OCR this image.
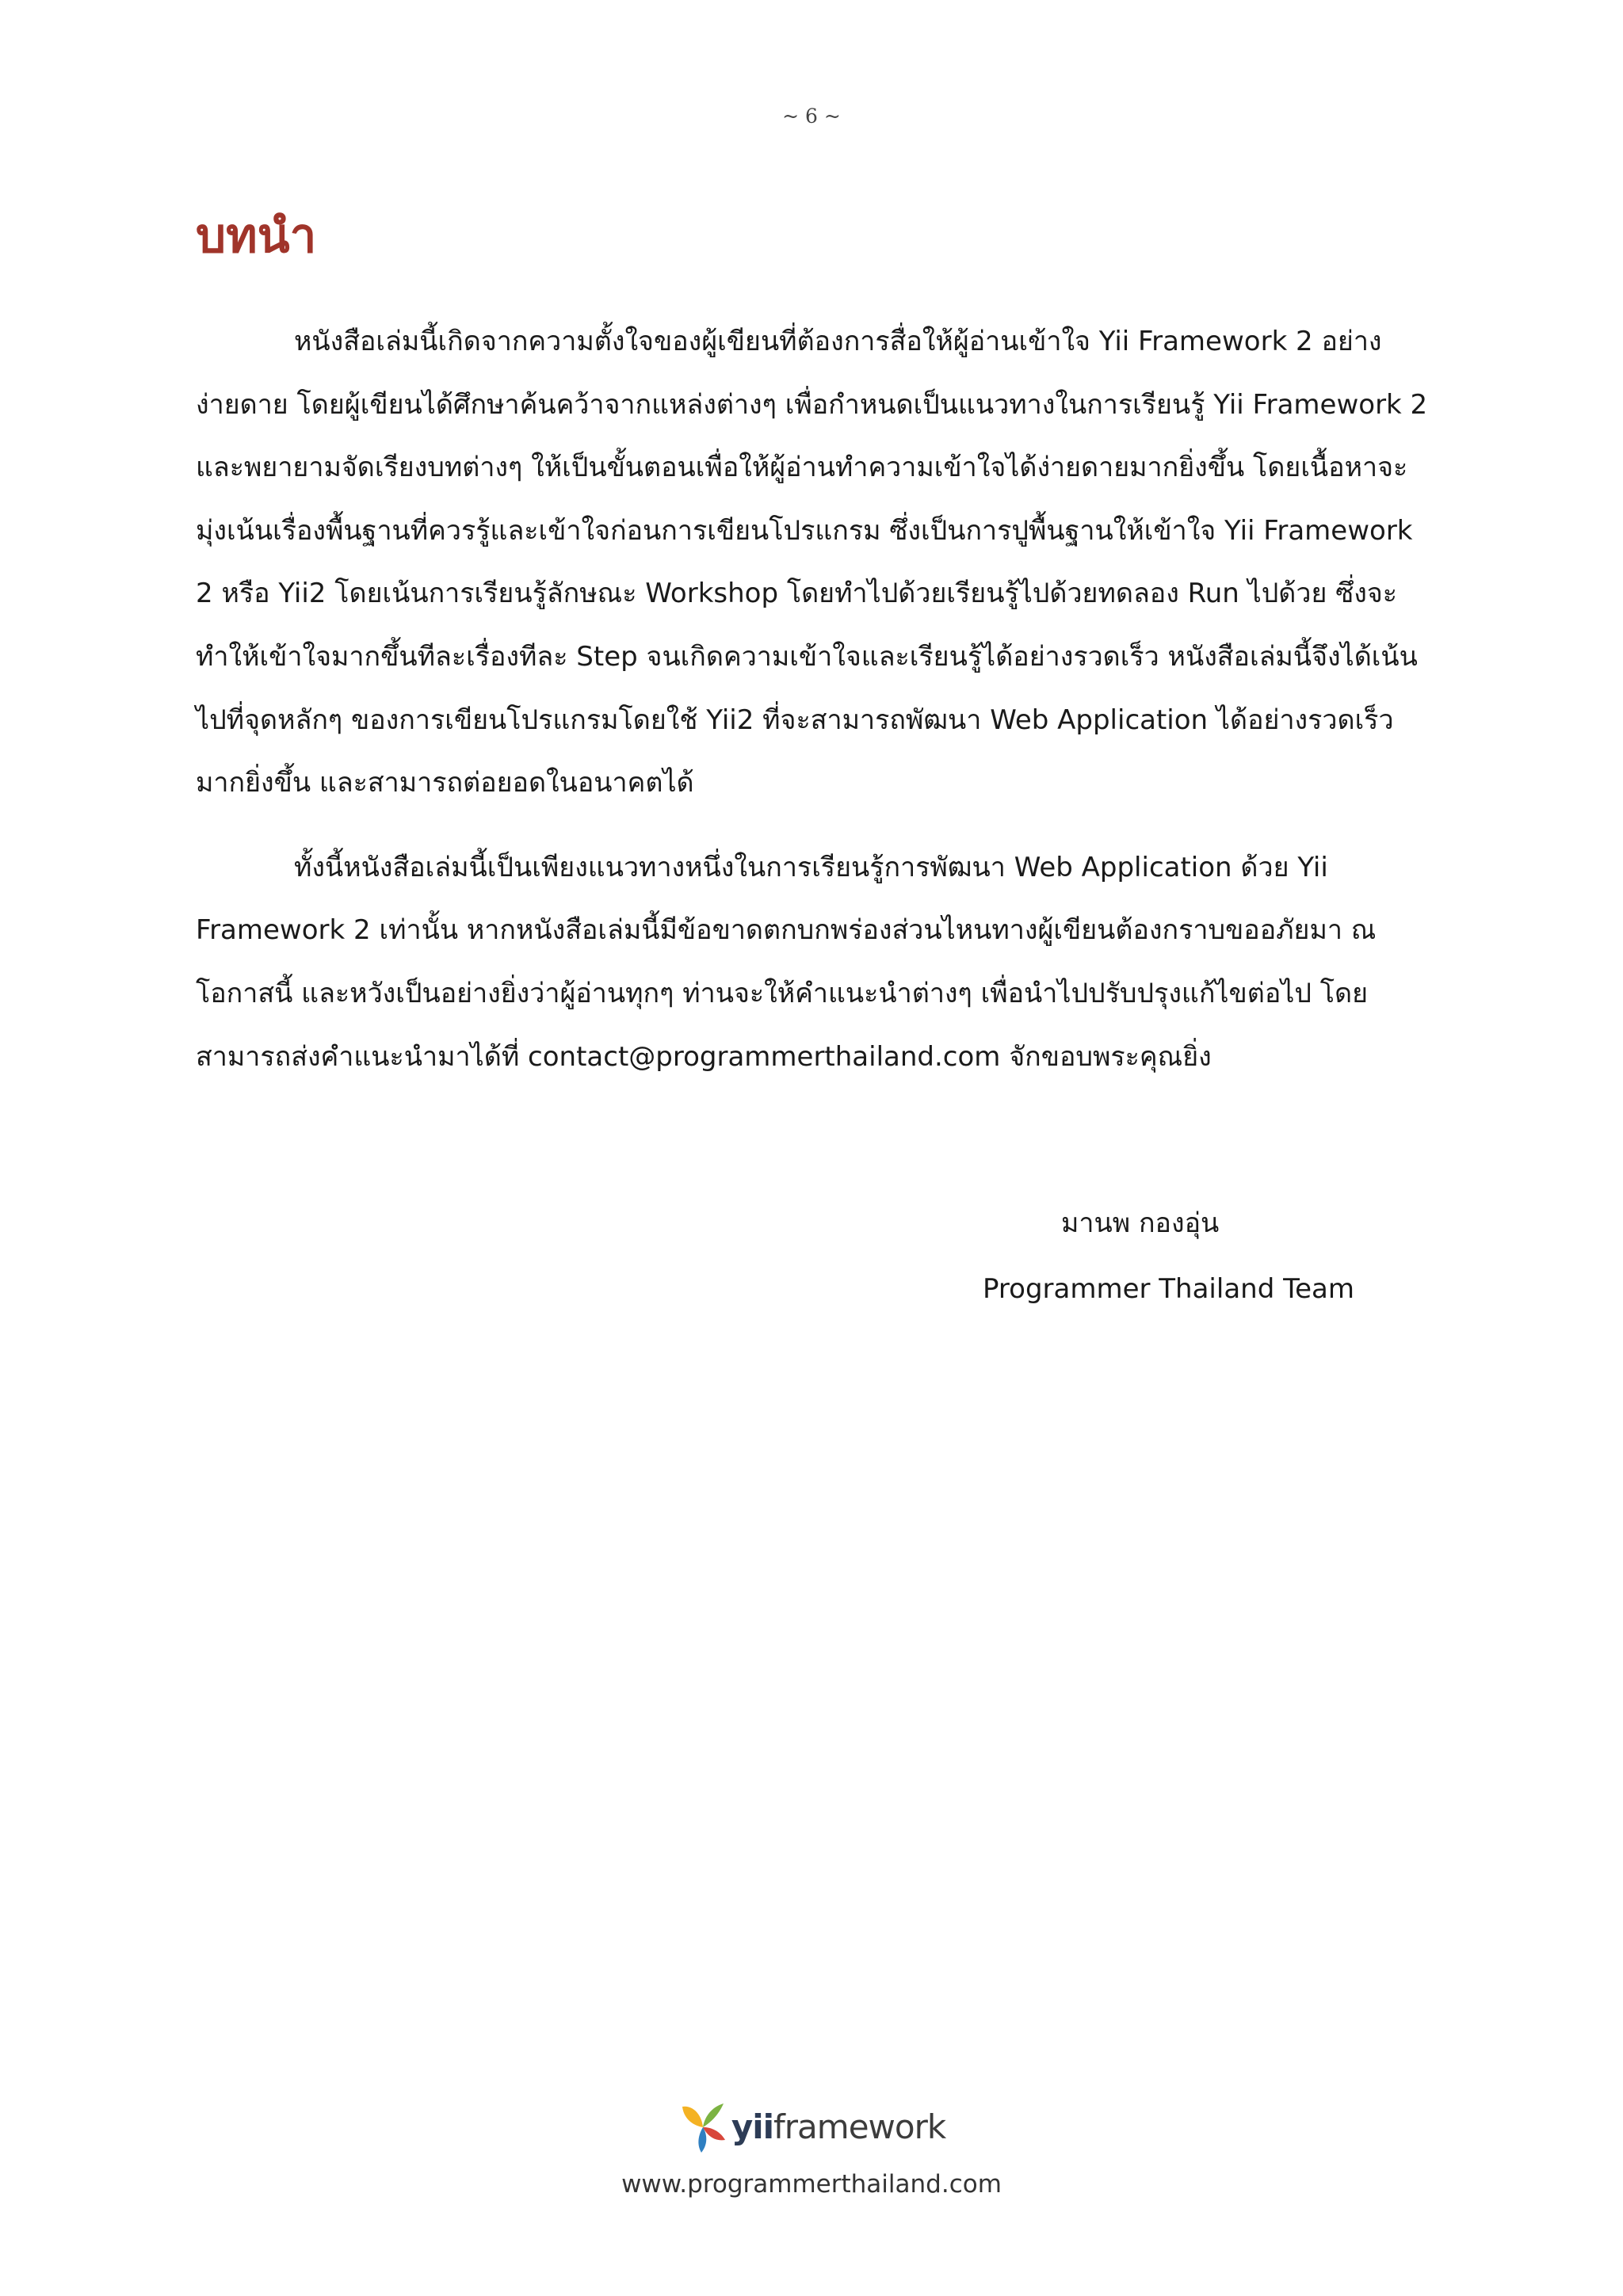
~ 6 ~
บทนำ

หนังสือเล่มนี้เกิดจากความตั้งใจของผู้เขียนที่ต้องการสื่อให้ผู้อ่านเข้าใจ Yii Framework 2 อย่างง่ายดาย โดยผู้เขียนได้ศึกษาค้นคว้าจากแหล่งต่างๆ เพื่อกำหนดเป็นแนวทางในการเรียนรู้ Yii Framework 2 และพยายามจัดเรียงบทต่างๆ ให้เป็นขั้นตอนเพื่อให้ผู้อ่านทำความเข้าใจได้ง่ายดายมากยิ่งขึ้น โดยเนื้อหาจะมุ่งเน้นเรื่องพื้นฐานที่ควรรู้และเข้าใจก่อนการเขียนโปรแกรม ซึ่งเป็นการปูพื้นฐานให้เข้าใจ Yii Framework 2 หรือ Yii2 โดยเน้นการเรียนรู้ลักษณะ Workshop โดยทำไปด้วยเรียนรู้ไปด้วยทดลอง Run ไปด้วย ซึ่งจะทำให้เข้าใจมากขึ้นทีละเรื่องทีละ Step จนเกิดความเข้าใจและเรียนรู้ได้อย่างรวดเร็ว หนังสือเล่มนี้จึงได้เน้นไปที่จุดหลักๆ ของการเขียนโปรแกรมโดยใช้ Yii2 ที่จะสามารถพัฒนา Web Application ได้อย่างรวดเร็วมากยิ่งขึ้น และสามารถต่อยอดในอนาคตได้

ทั้งนี้หนังสือเล่มนี้เป็นเพียงแนวทางหนึ่งในการเรียนรู้การพัฒนา Web Application ด้วย Yii Framework 2 เท่านั้น หากหนังสือเล่มนี้มีข้อขาดตกบกพร่องส่วนไหนทางผู้เขียนต้องกราบขออภัยมา ณ โอกาสนี้ และหวังเป็นอย่างยิ่งว่าผู้อ่านทุกๆ ท่านจะให้คำแนะนำต่างๆ เพื่อนำไปปรับปรุงแก้ไขต่อไป โดยสามารถส่งคำแนะนำมาได้ที่ contact@programmerthailand.com จักขอบพระคุณยิ่ง

มานพ กองอุ่น
Programmer Thailand Team
yiiframework
www.programmerthailand.com
